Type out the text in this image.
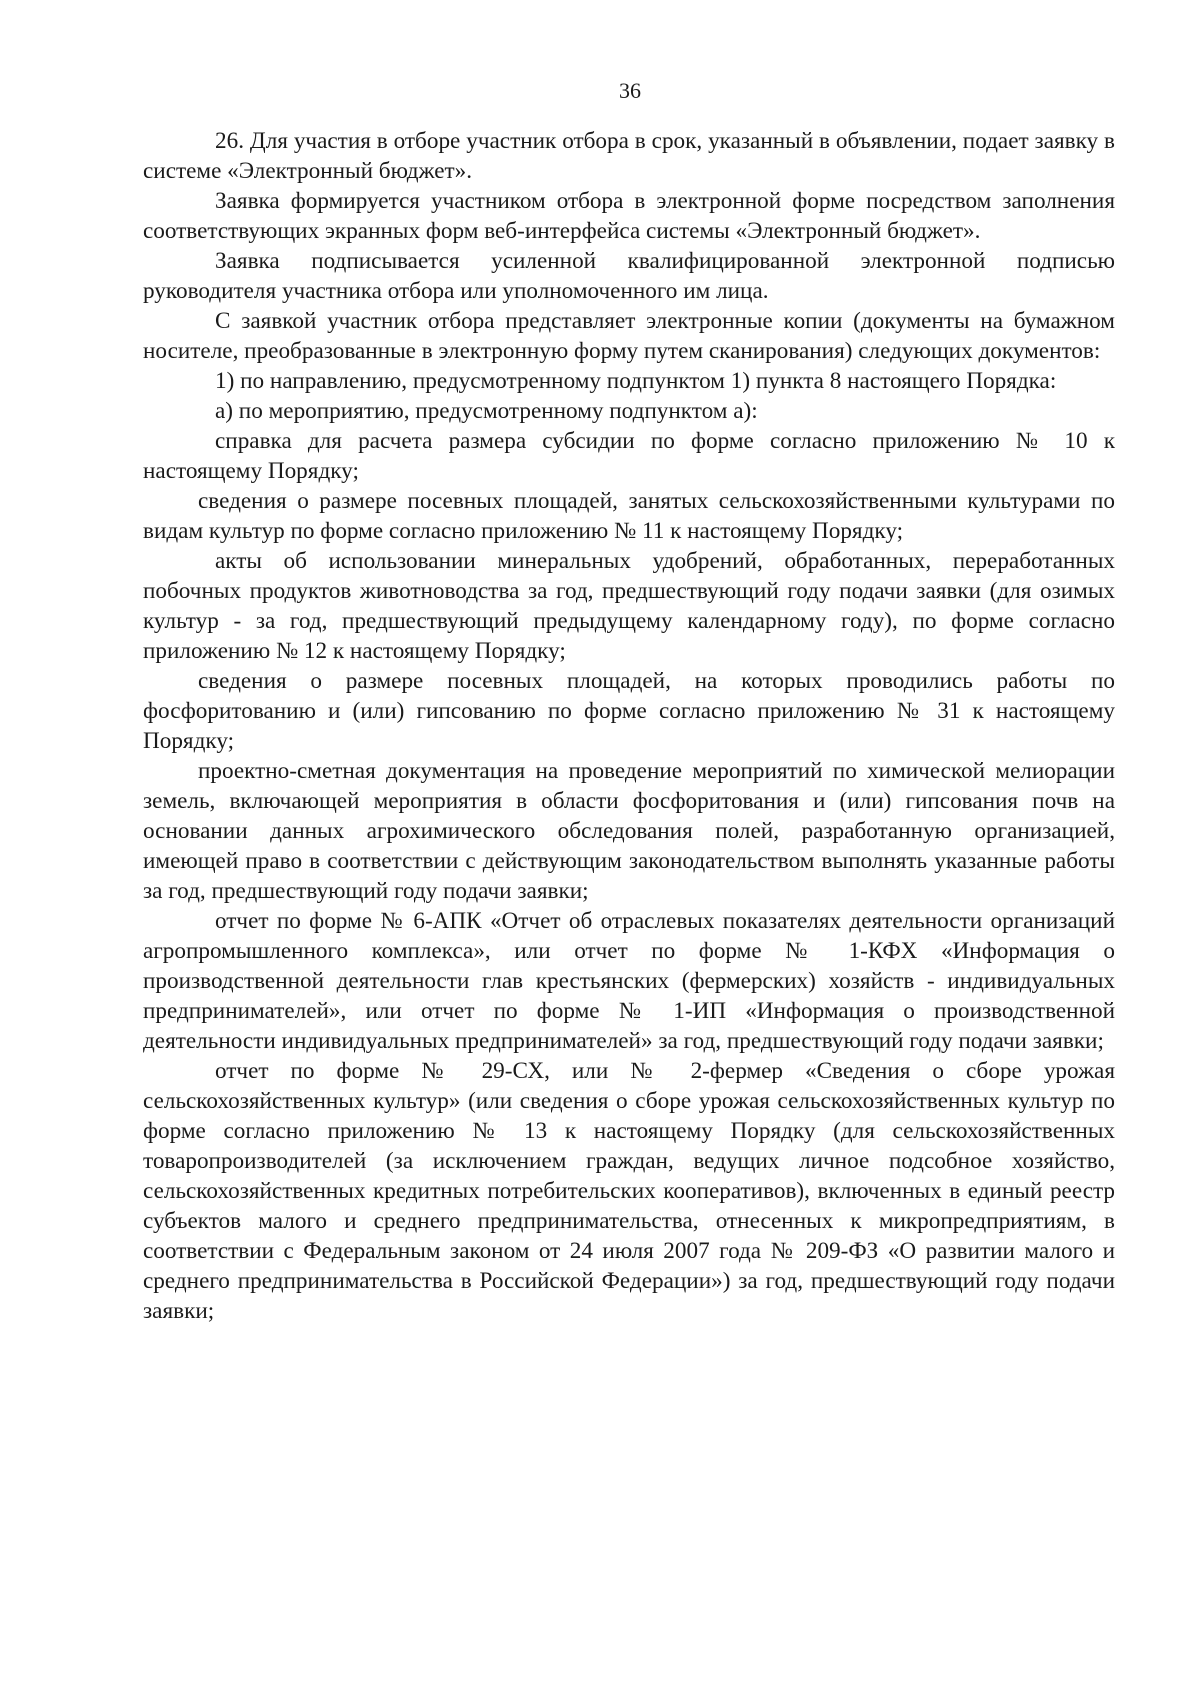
36

26. Для участия в отборе участник отбора в срок, указанный в объявлении, подает заявку в системе «Электронный бюджет».

Заявка формируется участником отбора в электронной форме посредством заполнения соответствующих экранных форм веб-интерфейса системы «Электронный бюджет».

Заявка подписывается усиленной квалифицированной электронной подписью руководителя участника отбора или уполномоченного им лица.

С заявкой участник отбора представляет электронные копии (документы на бумажном носителе, преобразованные в электронную форму путем сканирования) следующих документов:

1) по направлению, предусмотренному подпунктом 1) пункта 8 настоящего Порядка:

а) по мероприятию, предусмотренному подпунктом а):

справка для расчета размера субсидии по форме согласно приложению № 10 к настоящему Порядку;

сведения о размере посевных площадей, занятых сельскохозяйственными культурами по видам культур по форме согласно приложению № 11 к настоящему Порядку;

акты об использовании минеральных удобрений, обработанных, переработанных побочных продуктов животноводства за год, предшествующий году подачи заявки (для озимых культур - за год, предшествующий предыдущему календарному году), по форме согласно приложению № 12 к настоящему Порядку;

сведения о размере посевных площадей, на которых проводились работы по фосфоритованию и (или) гипсованию по форме согласно приложению № 31 к настоящему Порядку;

проектно-сметная документация на проведение мероприятий по химической мелиорации земель, включающей мероприятия в области фосфоритования и (или) гипсования почв на основании данных агрохимического обследования полей, разработанную организацией, имеющей право в соответствии с действующим законодательством выполнять указанные работы за год, предшествующий году подачи заявки;

отчет по форме № 6-АПК «Отчет об отраслевых показателях деятельности организаций агропромышленного комплекса», или отчет по форме № 1-КФХ «Информация о производственной деятельности глав крестьянских (фермерских) хозяйств - индивидуальных предпринимателей», или отчет по форме № 1-ИП «Информация о производственной деятельности индивидуальных предпринимателей» за год, предшествующий году подачи заявки;

отчет по форме № 29-СХ, или № 2-фермер «Сведения о сборе урожая сельскохозяйственных культур» (или сведения о сборе урожая сельскохозяйственных культур по форме согласно приложению № 13 к настоящему Порядку (для сельскохозяйственных товаропроизводителей (за исключением граждан, ведущих личное подсобное хозяйство, сельскохозяйственных кредитных потребительских кооперативов), включенных в единый реестр субъектов малого и среднего предпринимательства, отнесенных к микропредприятиям, в соответствии с Федеральным законом от 24 июля 2007 года № 209-ФЗ «О развитии малого и среднего предпринимательства в Российской Федерации») за год, предшествующий году подачи заявки;
